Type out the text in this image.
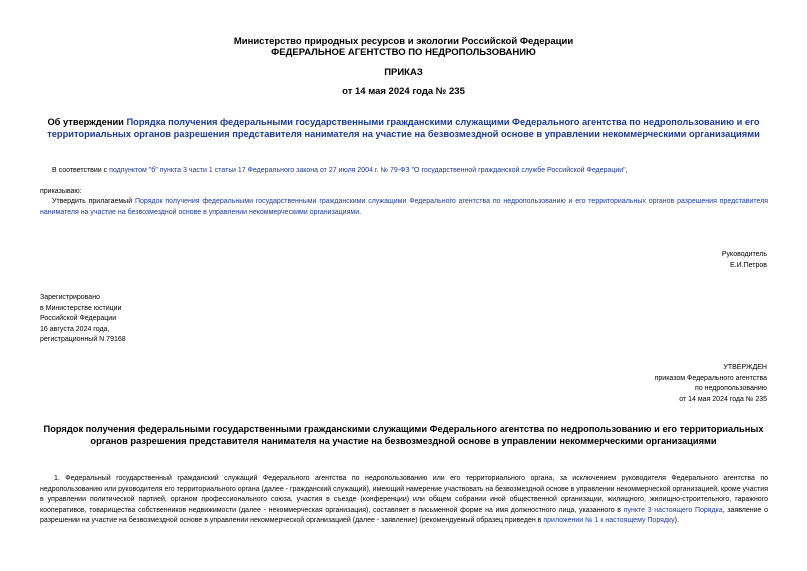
Министерство природных ресурсов и экологии Российской Федерации
ФЕДЕРАЛЬНОЕ АГЕНТСТВО ПО НЕДРОПОЛЬЗОВАНИЮ
ПРИКАЗ
от 14 мая 2024 года № 235
Об утверждении Порядка получения федеральными государственными гражданскими служащими Федерального агентства по недропользованию и его территориальных органов разрешения представителя нанимателя на участие на безвозмездной основе в управлении некоммерческими организациями
В соответствии с подпунктом "б" пункта 3 части 1 статьи 17 Федерального закона от 27 июля 2004 г. № 79-ФЗ "О государственной гражданской службе Российской Федерации",
приказываю:
Утвердить прилагаемый Порядок получения федеральными государственными гражданскими служащими Федерального агентства по недропользованию и его территориальных органов разрешения представителя нанимателя на участие на безвозмездной основе в управлении некоммерческими организациями.
Руководитель
Е.И.Петров
Зарегистрировано
в Министерстве юстиции
Российской Федерации
16 августа 2024 года,
регистрационный N 79168
УТВЕРЖДЕН
приказом Федерального агентства
по недропользованию
от 14 мая 2024 года № 235
Порядок получения федеральными государственными гражданскими служащими Федерального агентства по недропользованию и его территориальных органов разрешения представителя нанимателя на участие на безвозмездной основе в управлении некоммерческими организациями
1. Федеральный государственный гражданский служащий Федерального агентства по недропользованию или его территориального органа, за исключением руководителя Федерального агентства по недропользованию или руководителя его территориального органа (далее - гражданский служащий), имеющий намерение участвовать на безвозмездной основе в управлении некоммерческой организацией, кроме участия в управлении политической партией, органом профессионального союза, участия в съезде (конференции) или общем собрании иной общественной организации, жилищного, жилищно-строительного, гаражного кооперативов, товарищества собственников недвижимости (далее - некоммерческая организация), составляет в письменной форме на имя должностного лица, указанного в пункте 3 настоящего Порядка, заявление о разрешении на участие на безвозмездной основе в управлении некоммерческой организацией (далее - заявление) (рекомендуемый образец приведен в приложении № 1 к настоящему Порядку).
